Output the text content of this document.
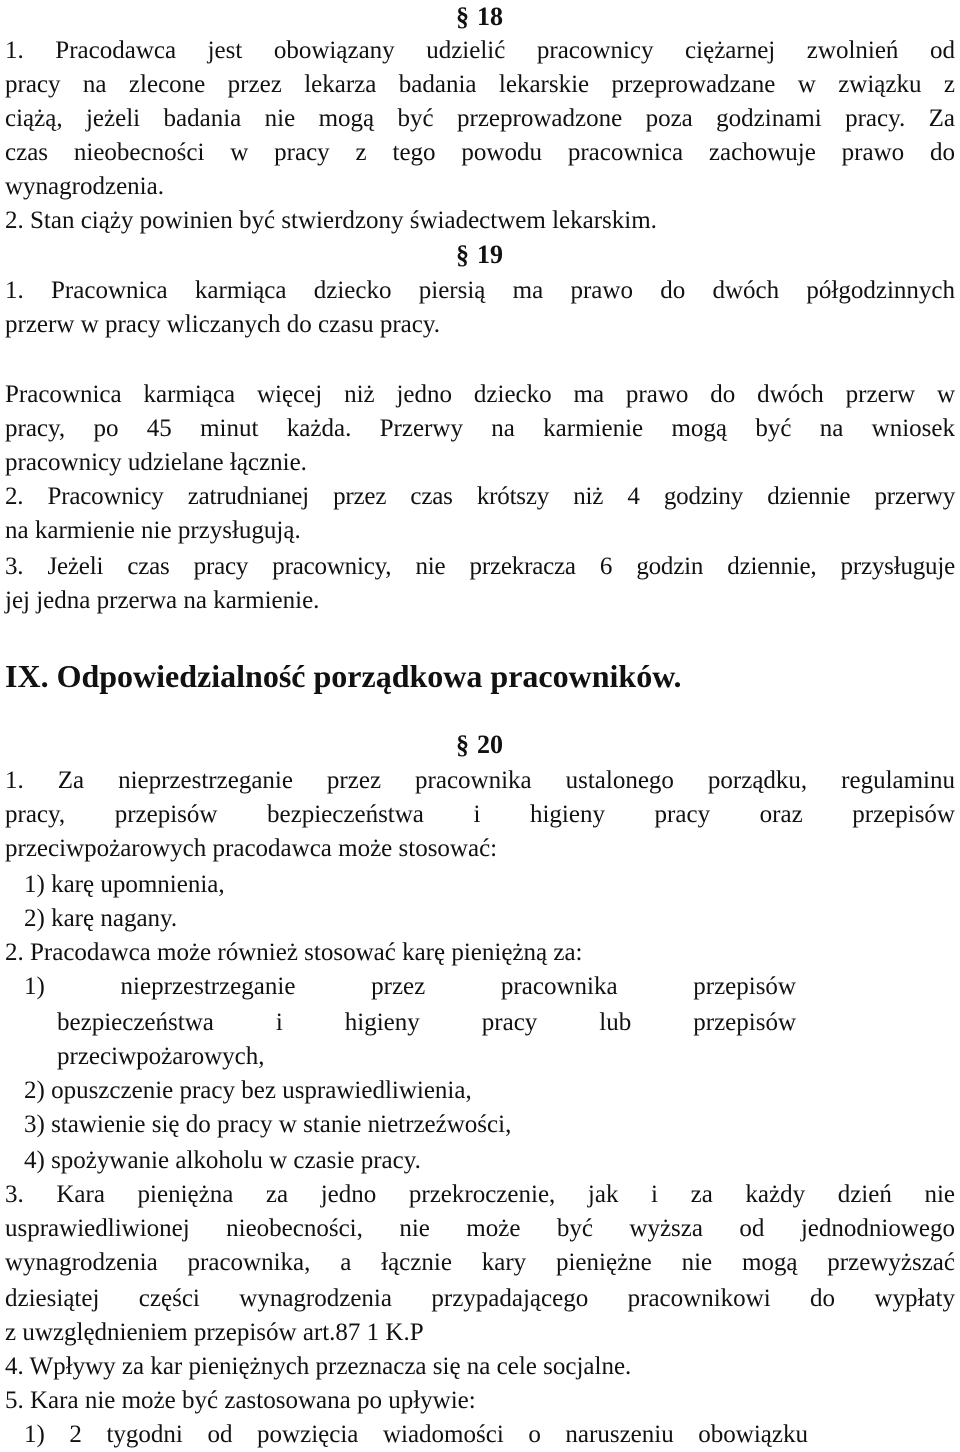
§ 18
1. Pracodawca jest obowiązany udzielić pracownicy ciężarnej zwolnień od
pracy na zlecone przez lekarza badania lekarskie przeprowadzane w związku z
ciążą, jeżeli badania nie mogą być przeprowadzone poza godzinami pracy. Za
czas nieobecności w pracy z tego powodu pracownica zachowuje prawo do
wynagrodzenia.
2. Stan ciąży powinien być stwierdzony świadectwem lekarskim.
§ 19
1. Pracownica karmiąca dziecko piersią ma prawo do dwóch półgodzinnych
przerw w pracy wliczanych do czasu pracy.
Pracownica karmiąca więcej niż jedno dziecko ma prawo do dwóch przerw w
pracy, po 45 minut każda. Przerwy na karmienie mogą być na wniosek
pracownicy udzielane łącznie.
2. Pracownicy zatrudnianej przez czas krótszy niż 4 godziny dziennie przerwy
na karmienie nie przysługują.
3. Jeżeli czas pracy pracownicy, nie przekracza 6 godzin dziennie, przysługuje
jej jedna przerwa na karmienie.
IX. Odpowiedzialność porządkowa pracowników.
§ 20
1. Za nieprzestrzeganie przez pracownika ustalonego porządku, regulaminu
pracy, przepisów bezpieczeństwa i higieny pracy oraz przepisów
przeciwpożarowych pracodawca może stosować:
1) karę upomnienia,
2) karę nagany.
2. Pracodawca może również stosować karę pieniężną za:
1) nieprzestrzeganie przez pracownika przepisów
bezpieczeństwa i higieny pracy lub przepisów
przeciwpożarowych,
2) opuszczenie pracy bez usprawiedliwienia,
3) stawienie się do pracy w stanie nietrzeźwości,
4) spożywanie alkoholu w czasie pracy.
3. Kara pieniężna za jedno przekroczenie, jak i za każdy dzień nie
usprawiedliwionej nieobecności, nie może być wyższa od jednodniowego
wynagrodzenia pracownika, a łącznie kary pieniężne nie mogą przewyższać
dziesiątej części wynagrodzenia przypadającego pracownikowi do wypłaty
z uwzględnieniem przepisów art.87 1 K.P
4. Wpływy za kar pieniężnych przeznacza się na cele socjalne.
5. Kara nie może być zastosowana po upływie:
1) 2 tygodni od powzięcia wiadomości o naruszeniu obowiązku
